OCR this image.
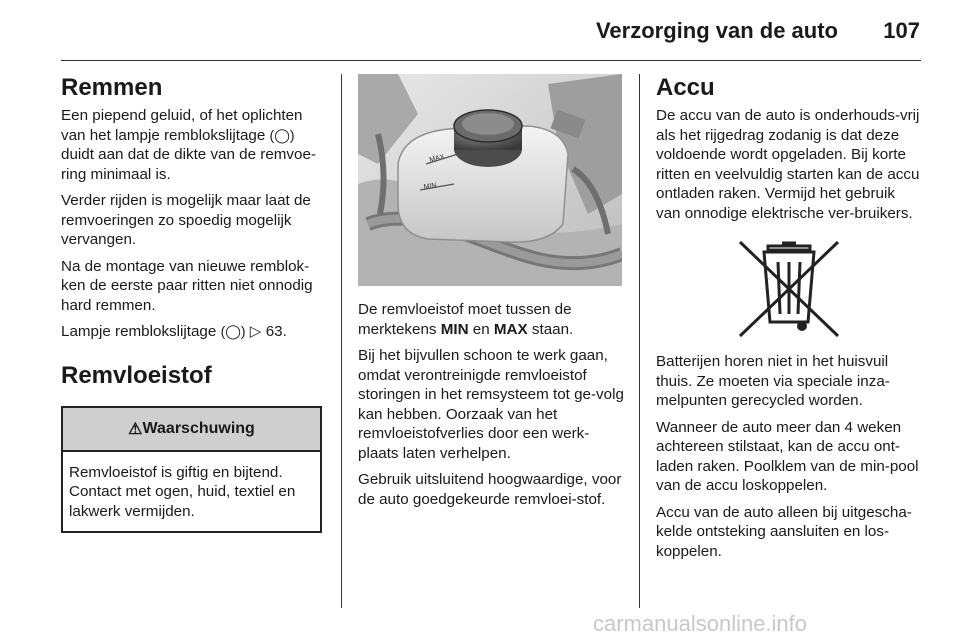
Verzorging van de auto 107
Remmen

Een piepend geluid, of het oplichten van het lampje remblokslijtage (◯) duidt aan dat de dikte van de remvoe-ring minimaal is.

Verder rijden is mogelijk maar laat de remvoeringen zo spoedig mogelijk vervangen.

Na de montage van nieuwe remblok-ken de eerste paar ritten niet onnodig hard remmen.

Lampje remblokslijtage (◯) ▷ 63.

Remvloeistof
⚠ Waarschuwing
Remvloeistof is giftig en bijtend. Contact met ogen, huid, textiel en lakwerk vermijden.
MAX
MIN

De remvloeistof moet tussen de merktekens MIN en MAX staan.

Bij het bijvullen schoon te werk gaan, omdat verontreinigde remvloeistof storingen in het remsysteem tot ge-volg kan hebben. Oorzaak van het remvloeistofverlies door een werk-plaats laten verhelpen.

Gebruik uitsluitend hoogwaardige, voor de auto goedgekeurde remvloei-stof.

Accu

De accu van de auto is onderhouds-vrij als het rijgedrag zodanig is dat deze voldoende wordt opgeladen. Bij korte ritten en veelvuldig starten kan de accu ontladen raken. Vermijd het gebruik van onnodige elektrische ver-bruikers.

Batterijen horen niet in het huisvuil thuis. Ze moeten via speciale inza-melpunten gerecycled worden.

Wanneer de auto meer dan 4 weken achtereen stilstaat, kan de accu ont-laden raken. Poolklem van de min-pool van de accu loskoppelen.

Accu van de auto alleen bij uitgescha-kelde ontsteking aansluiten en los-koppelen.

carmanualsonline.info
